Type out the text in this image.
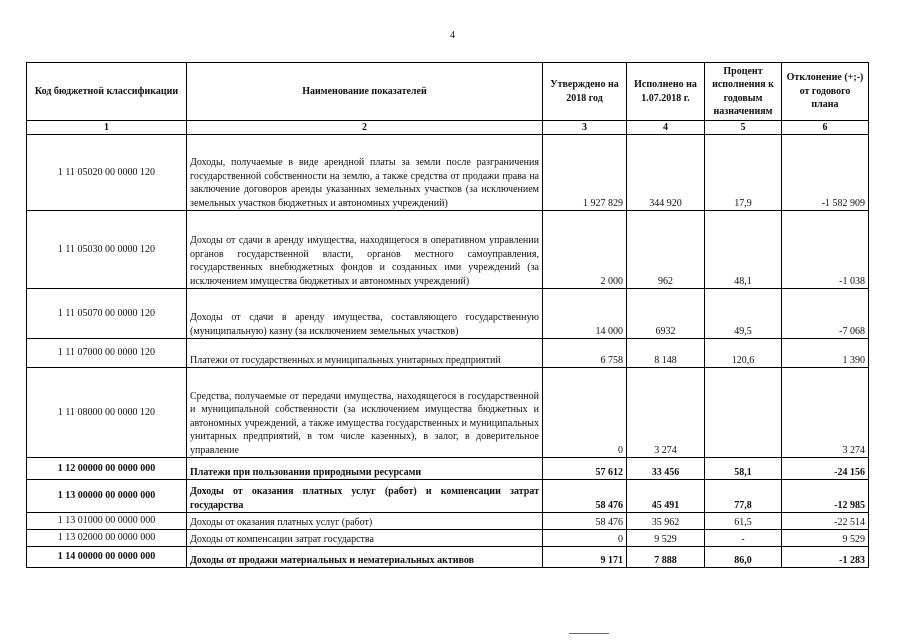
4
Код бюджетной классификации	Наименование показателей	Утверждено на 2018 год	Исполнено на 1.07.2018 г.	Процент исполнения к годовым назначениям	Отклонение (+;-) от годового плана
1	2	3	4	5	6
1 11 05020 00 0000 120	Доходы, получаемые в виде арендной платы за земли после разграничения государственной собственности на землю, а также средства от продажи права на заключение договоров аренды указанных земельных участков (за исключением земельных участков бюджетных и автономных учреждений)	1 927 829	344 920	17,9	-1 582 909
1 11 05030 00 0000 120	Доходы от сдачи в аренду имущества, находящегося в оперативном управлении органов государственной власти, органов местного самоуправления, государственных внебюджетных фондов и созданных ими учреждений (за исключением имущества бюджетных и автономных учреждений)	2 000	962	48,1	-1 038
1 11 05070 00 0000 120	Доходы от сдачи в аренду имущества, составляющего государственную (муниципальную) казну (за исключением земельных участков)	14 000	6932	49,5	-7 068
1 11 07000 00 0000 120	Платежи от государственных и муниципальных унитарных предприятий	6 758	8 148	120,6	1 390
1 11 08000 00 0000 120	Средства, получаемые от передачи имущества, находящегося в государственной и муниципальной собственности (за исключением имущества бюджетных и автономных учреждений, а также имущества государственных и муниципальных унитарных предприятий, в том числе казенных), в залог, в доверительное управление	0	3 274		3 274
1 12 00000 00 0000 000	Платежи при пользовании природными ресурсами	57 612	33 456	58,1	-24 156
1 13 00000 00 0000 000	Доходы от оказания платных услуг (работ) и компенсации затрат государства	58 476	45 491	77,8	-12 985
1 13 01000 00 0000 000	Доходы от оказания платных услуг (работ)	58 476	35 962	61,5	-22 514
1 13 02000 00 0000 000	Доходы от компенсации затрат государства	0	9 529	-	9 529
1 14 00000 00 0000 000	Доходы от продажи материальных и нематериальных активов	9 171	7 888	86,0	-1 283
